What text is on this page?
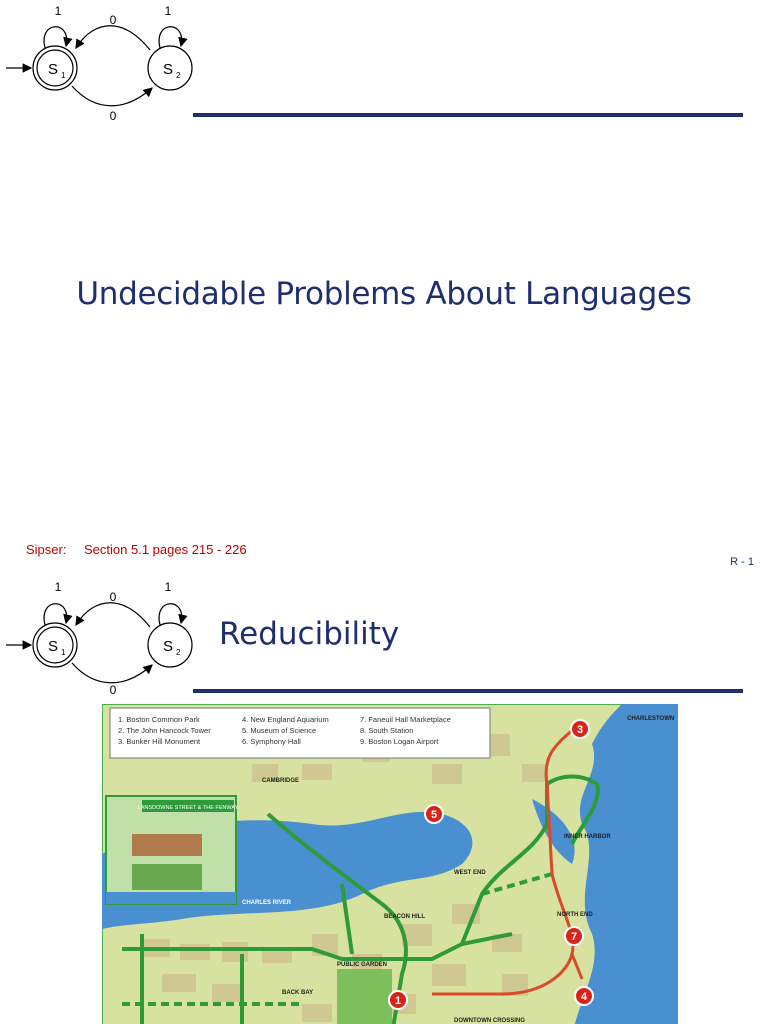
S 1	S 2
1	1
0
0
Undecidable Problems About Languages
Sipser: Section 5.1 pages 215 - 226
R - 1
S 1	S 2
1	1
0
0
Reducibility
1. Boston Common Park
2. The John Hancock Tower
3. Bunker Hill Monument
4. New England Aquarium
5. Museum of Science
6. Symphony Hall
7. Faneuil Hall Marketplace
8. South Station
9. Boston Logan Airport
LANSDOWNE STREET & THE FENWAY
3
5
7
1	4
CHARLESTOWN
CAMBRIDGE
INNER HARBOR
CHARLES RIVER
WEST END
NORTH END
BEACON HILL
BACK BAY
PUBLIC GARDEN
DOWNTOWN CROSSING
